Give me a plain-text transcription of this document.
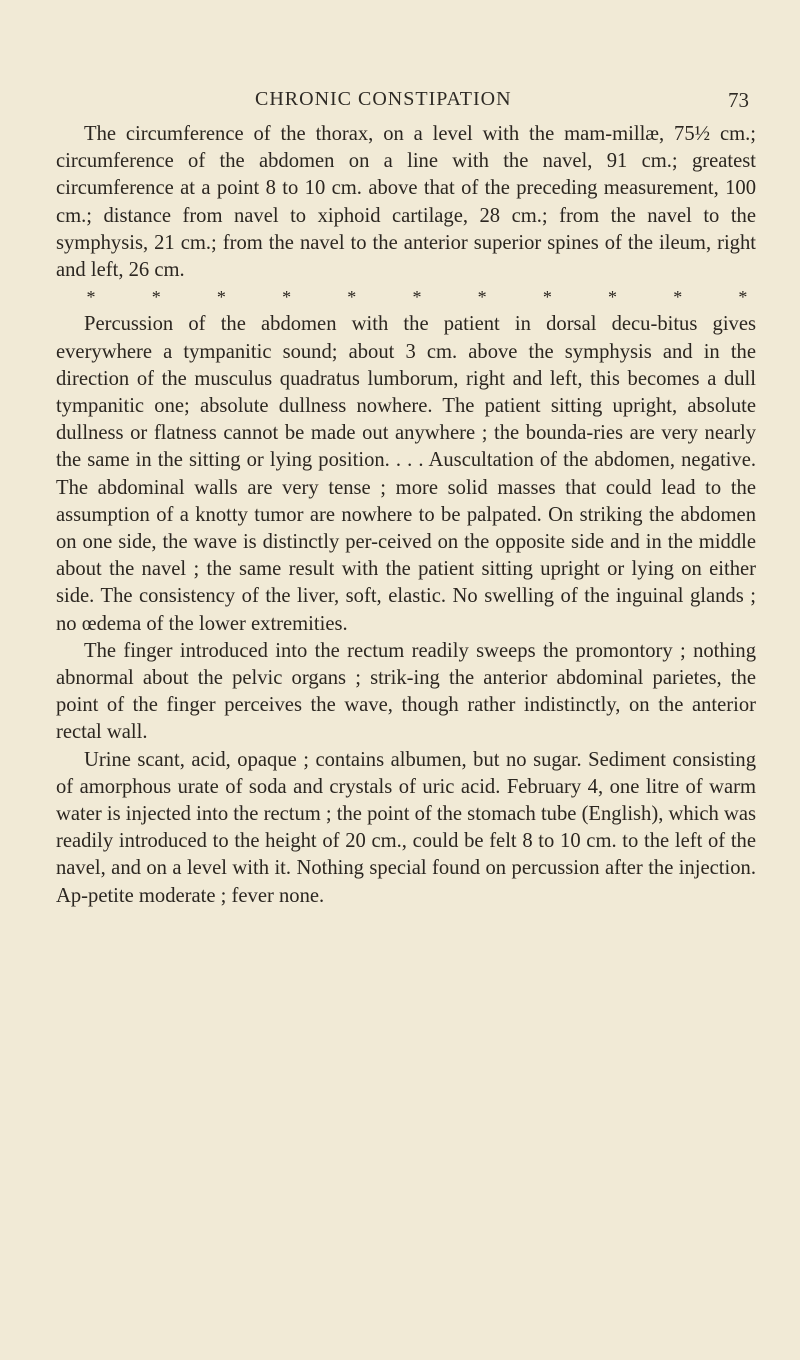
CHRONIC CONSTIPATION	73

The circumference of the thorax, on a level with the mam-millæ, 75½ cm.; circumference of the abdomen on a line with the navel, 91 cm.; greatest circumference at a point 8 to 10 cm. above that of the preceding measurement, 100 cm.; distance from navel to xiphoid cartilage, 28 cm.; from the navel to the symphysis, 21 cm.; from the navel to the anterior superior spines of the ileum, right and left, 26 cm.

*	*	*	*	*	*	*	*	*	*	*

Percussion of the abdomen with the patient in dorsal decu-bitus gives everywhere a tympanitic sound; about 3 cm. above the symphysis and in the direction of the musculus quadratus lumborum, right and left, this becomes a dull tympanitic one; absolute dullness nowhere. The patient sitting upright, absolute dullness or flatness cannot be made out anywhere ; the bounda-ries are very nearly the same in the sitting or lying position. . . . Auscultation of the abdomen, negative. The abdominal walls are very tense ; more solid masses that could lead to the assumption of a knotty tumor are nowhere to be palpated. On striking the abdomen on one side, the wave is distinctly per-ceived on the opposite side and in the middle about the navel ; the same result with the patient sitting upright or lying on either side. The consistency of the liver, soft, elastic. No swelling of the inguinal glands ; no œdema of the lower extremities.

The finger introduced into the rectum readily sweeps the promontory ; nothing abnormal about the pelvic organs ; strik-ing the anterior abdominal parietes, the point of the finger perceives the wave, though rather indistinctly, on the anterior rectal wall.

Urine scant, acid, opaque ; contains albumen, but no sugar. Sediment consisting of amorphous urate of soda and crystals of uric acid. February 4, one litre of warm water is injected into the rectum ; the point of the stomach tube (English), which was readily introduced to the height of 20 cm., could be felt 8 to 10 cm. to the left of the navel, and on a level with it. Nothing special found on percussion after the injection. Ap-petite moderate ; fever none.
